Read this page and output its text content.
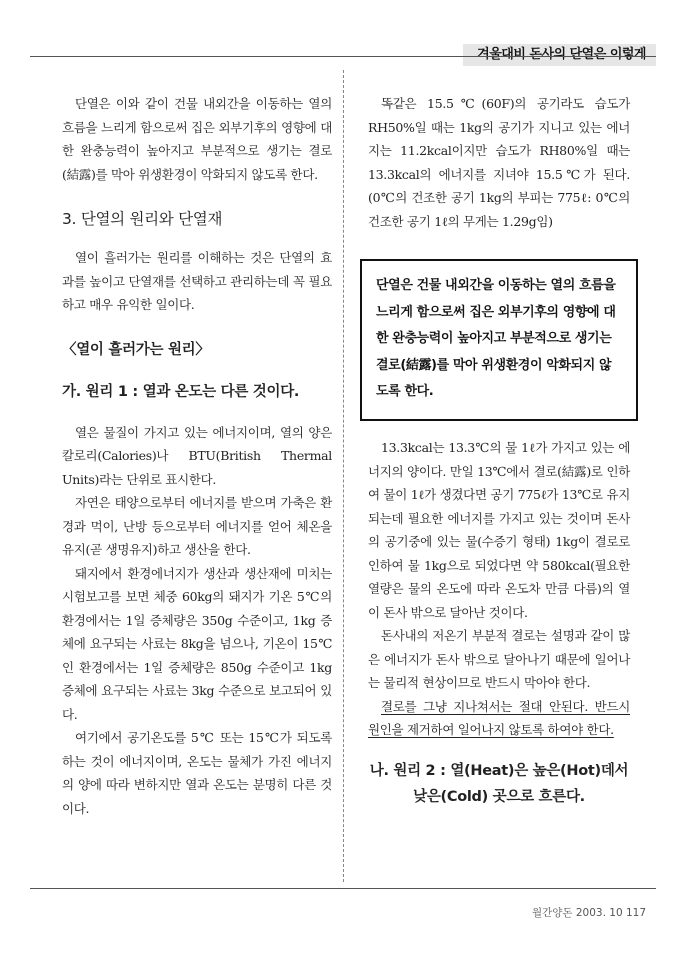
겨울대비 돈사의 단열은 이렇게

단열은 이와 같이 건물 내외간을 이동하는 열의 흐름을 느리게 함으로써 집은 외부기후의 영향에 대한 완충능력이 높아지고 부분적으로 생기는 결로(結露)를 막아 위생환경이 악화되지 않도록 한다.

3. 단열의 원리와 단열재

열이 흘러가는 원리를 이해하는 것은 단열의 효과를 높이고 단열재를 선택하고 관리하는데 꼭 필요하고 매우 유익한 일이다.

〈열이 흘러가는 원리〉
가. 원리 1 : 열과 온도는 다른 것이다.

열은 물질이 가지고 있는 에너지이며, 열의 양은 칼로리(Calories)나 BTU(British Thermal Units)라는 단위로 표시한다.

자연은 태양으로부터 에너지를 받으며 가축은 환경과 먹이, 난방 등으로부터 에너지를 얻어 체온을 유지(곧 생명유지)하고 생산을 한다.

돼지에서 환경에너지가 생산과 생산재에 미치는 시험보고를 보면 체중 60kg의 돼지가 기온 5℃의 환경에서는 1일 증체량은 350g 수준이고, 1kg 증체에 요구되는 사료는 8kg을 넘으나, 기온이 15℃인 환경에서는 1일 증체량은 850g 수준이고 1kg 증체에 요구되는 사료는 3kg 수준으로 보고되어 있다.

여기에서 공기온도를 5℃ 또는 15℃가 되도록 하는 것이 에너지이며, 온도는 물체가 가진 에너지의 양에 따라 변하지만 열과 온도는 분명히 다른 것이다.

똑같은 15.5℃(60F)의 공기라도 습도가 RH50%일 때는 1kg의 공기가 지니고 있는 에너지는 11.2kcal이지만 습도가 RH80%일 때는 13.3kcal의 에너지를 지녀야 15.5℃가 된다.(0℃의 건조한 공기 1kg의 부피는 775ℓ: 0℃의 건조한 공기 1ℓ의 무게는 1.29g임)

단열은 건물 내외간을 이동하는 열의 흐름을 느리게 함으로써 집은 외부기후의 영향에 대한 완충능력이 높아지고 부분적으로 생기는 결로(結露)를 막아 위생환경이 악화되지 않도록 한다.

13.3kcal는 13.3℃의 물 1ℓ가 가지고 있는 에너지의 양이다. 만일 13℃에서 결로(結露)로 인하여 물이 1ℓ가 생겼다면 공기 775ℓ가 13℃로 유지되는데 필요한 에너지를 가지고 있는 것이며 돈사의 공기중에 있는 물(수증기 형태) 1kg이 결로로 인하여 물 1kg으로 되었다면 약 580kcal(필요한 열량은 물의 온도에 따라 온도차 만큼 다름)의 열이 돈사 밖으로 달아난 것이다.

돈사내의 저온기 부분적 결로는 설명과 같이 많은 에너지가 돈사 밖으로 달아나기 때문에 일어나는 물리적 현상이므로 반드시 막아야 한다.

결로를 그냥 지나쳐서는 절대 안된다. 반드시 원인을 제거하여 일어나지 않토록 하여야 한다.

나. 원리 2 : 열(Heat)은 높은(Hot)데서 낮은(Cold) 곳으로 흐른다.
월간양돈 2003. 10 117
